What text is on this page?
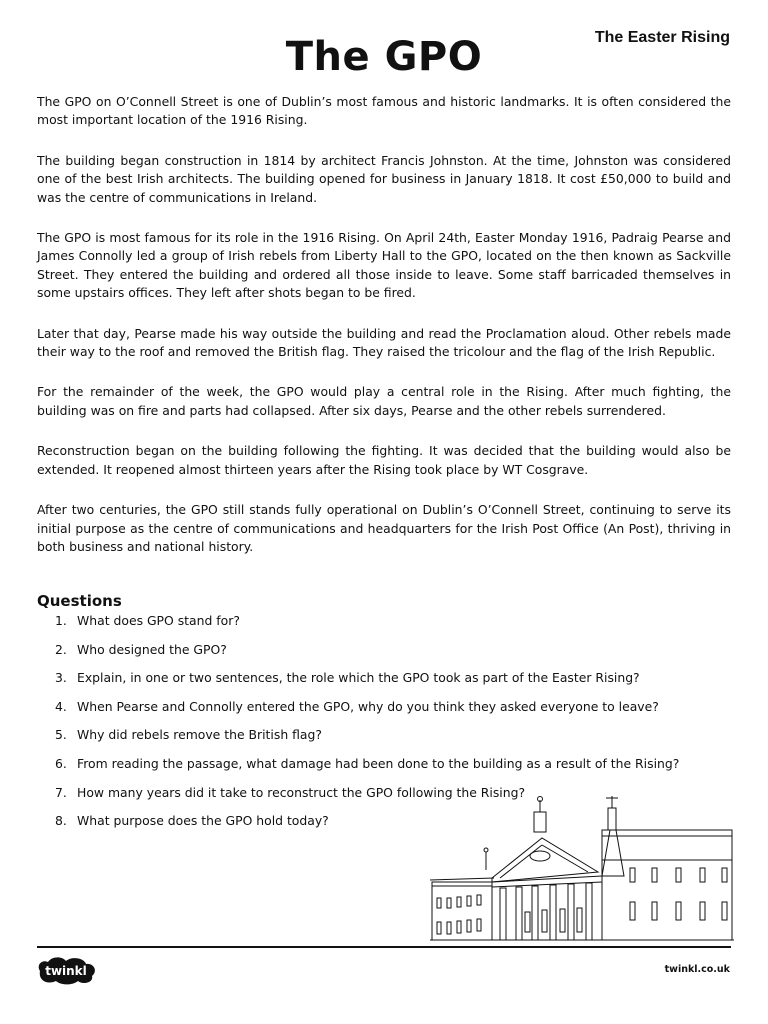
The Easter Rising
The GPO

The GPO on O’Connell Street is one of Dublin’s most famous and historic landmarks. It is often considered the most important location of the 1916 Rising.

The building began construction in 1814 by architect Francis Johnston. At the time, Johnston was considered one of the best Irish architects. The building opened for business in January 1818. It cost £50,000 to build and was the centre of communications in Ireland.

The GPO is most famous for its role in the 1916 Rising. On April 24th, Easter Monday 1916, Padraig Pearse and James Connolly led a group of Irish rebels from Liberty Hall to the GPO, located on the then known as Sackville Street. They entered the building and ordered all those inside to leave. Some staff barricaded themselves in some upstairs offices. They left after shots began to be fired.

Later that day, Pearse made his way outside the building and read the Proclamation aloud. Other rebels made their way to the roof and removed the British flag. They raised the tricolour and the flag of the Irish Republic.

For the remainder of the week, the GPO would play a central role in the Rising. After much fighting, the building was on fire and parts had collapsed. After six days, Pearse and the other rebels surrendered.

Reconstruction began on the building following the fighting. It was decided that the building would also be extended. It reopened almost thirteen years after the Rising took place by WT Cosgrave.

After two centuries, the GPO still stands fully operational on Dublin’s O’Connell Street, continuing to serve its initial purpose as the centre of communications and headquarters for the Irish Post Office (An Post), thriving in both business and national history.

Questions
1. What does GPO stand for?
2. Who designed the GPO?
3. Explain, in one or two sentences, the role which the GPO took as part of the Easter Rising?
4. When Pearse and Connolly entered the GPO, why do you think they asked everyone to leave?
5. Why did rebels remove the British flag?
6. From reading the passage, what damage had been done to the building as a result of the Rising?
7. How many years did it take to reconstruct the GPO following the Rising?
8. What purpose does the GPO hold today?
twinkl	twinkl.co.uk
